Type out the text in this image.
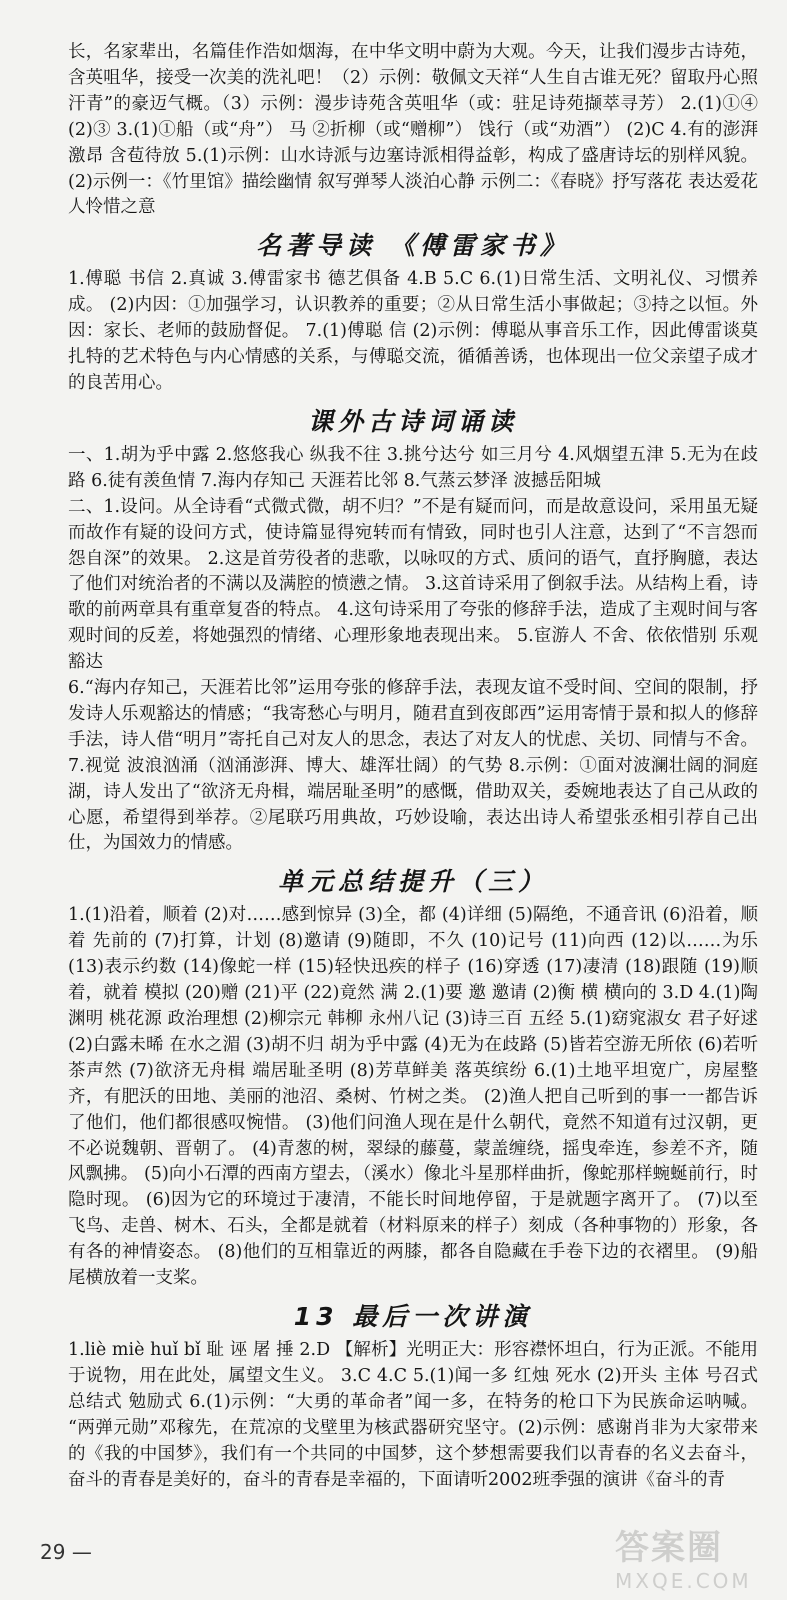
长，名家辈出，名篇佳作浩如烟海，在中华文明中蔚为大观。今天，让我们漫步古诗苑，含英咀华，接受一次美的洗礼吧！（2）示例：敬佩文天祥“人生自古谁无死？留取丹心照汗青”的豪迈气概。（3）示例：漫步诗苑含英咀华（或：驻足诗苑撷萃寻芳） 2.(1)①④ (2)③ 3.(1)①船（或“舟”） 马 ②折柳（或“赠柳”） 饯行（或“劝酒”） (2)C 4.有的澎湃激昂 含苞待放 5.(1)示例：山水诗派与边塞诗派相得益彰，构成了盛唐诗坛的别样风貌。 (2)示例一：《竹里馆》描绘幽情 叙写弹琴人淡泊心静 示例二：《春晓》抒写落花 表达爱花人怜惜之意

名著导读 《傅雷家书》

1.傅聪 书信 2.真诚 3.傅雷家书 德艺俱备 4.B 5.C 6.(1)日常生活、文明礼仪、习惯养成。 (2)内因：①加强学习，认识教养的重要；②从日常生活小事做起；③持之以恒。外因：家长、老师的鼓励督促。 7.(1)傅聪 信 (2)示例：傅聪从事音乐工作，因此傅雷谈莫扎特的艺术特色与内心情感的关系，与傅聪交流，循循善诱，也体现出一位父亲望子成才的良苦用心。

课外古诗词诵读

一、1.胡为乎中露 2.悠悠我心 纵我不往 3.挑兮达兮 如三月兮 4.风烟望五津 5.无为在歧路 6.徒有羡鱼情 7.海内存知己 天涯若比邻 8.气蒸云梦泽 波撼岳阳城

二、1.设问。从全诗看“式微式微，胡不归？”不是有疑而问，而是故意设问，采用虽无疑而故作有疑的设问方式，使诗篇显得宛转而有情致，同时也引人注意，达到了“不言怨而怨自深”的效果。 2.这是首劳役者的悲歌，以咏叹的方式、质问的语气，直抒胸臆，表达了他们对统治者的不满以及满腔的愤懑之情。 3.这首诗采用了倒叙手法。从结构上看，诗歌的前两章具有重章复沓的特点。 4.这句诗采用了夸张的修辞手法，造成了主观时间与客观时间的反差，将她强烈的情绪、心理形象地表现出来。 5.宦游人 不舍、依依惜别 乐观豁达

6.“海内存知己，天涯若比邻”运用夸张的修辞手法，表现友谊不受时间、空间的限制，抒发诗人乐观豁达的情感；“我寄愁心与明月，随君直到夜郎西”运用寄情于景和拟人的修辞手法，诗人借“明月”寄托自己对友人的思念，表达了对友人的忧虑、关切、同情与不舍。 7.视觉 波浪汹涌（汹涌澎湃、博大、雄浑壮阔）的气势 8.示例：①面对波澜壮阔的洞庭湖，诗人发出了“欲济无舟楫，端居耻圣明”的感慨，借助双关，委婉地表达了自己从政的心愿，希望得到举荐。②尾联巧用典故，巧妙设喻，表达出诗人希望张丞相引荐自己出仕，为国效力的情感。

单元总结提升（三）

1.(1)沿着，顺着 (2)对……感到惊异 (3)全，都 (4)详细 (5)隔绝，不通音讯 (6)沿着，顺着 先前的 (7)打算，计划 (8)邀请 (9)随即，不久 (10)记号 (11)向西 (12)以……为乐 (13)表示约数 (14)像蛇一样 (15)轻快迅疾的样子 (16)穿透 (17)凄清 (18)跟随 (19)顺着，就着 模拟 (20)赠 (21)平 (22)竟然 满 2.(1)要 邀 邀请 (2)衡 横 横向的 3.D 4.(1)陶渊明 桃花源 政治理想 (2)柳宗元 韩柳 永州八记 (3)诗三百 五经 5.(1)窈窕淑女 君子好逑 (2)白露未晞 在水之湄 (3)胡不归 胡为乎中露 (4)无为在歧路 (5)皆若空游无所依 (6)若听茶声然 (7)欲济无舟楫 端居耻圣明 (8)芳草鲜美 落英缤纷 6.(1)土地平坦宽广，房屋整齐，有肥沃的田地、美丽的池沼、桑树、竹树之类。 (2)渔人把自己听到的事一一都告诉了他们，他们都很感叹惋惜。 (3)他们问渔人现在是什么朝代，竟然不知道有过汉朝，更不必说魏朝、晋朝了。 (4)青葱的树，翠绿的藤蔓，蒙盖缠绕，摇曳牵连，参差不齐，随风飘拂。 (5)向小石潭的西南方望去，（溪水）像北斗星那样曲折，像蛇那样蜿蜒前行，时隐时现。 (6)因为它的环境过于凄清，不能长时间地停留，于是就题字离开了。 (7)以至飞鸟、走兽、树木、石头，全都是就着（材料原来的样子）刻成（各种事物的）形象，各有各的神情姿态。 (8)他们的互相靠近的两膝，都各自隐藏在手卷下边的衣褶里。 (9)船尾横放着一支桨。

13 最后一次讲演

1.liè miè huǐ bǐ 耻 诬 屠 捶 2.D 【解析】光明正大：形容襟怀坦白，行为正派。不能用于说物，用在此处，属望文生义。 3.C 4.C 5.(1)闻一多 红烛 死水 (2)开头 主体 号召式 总结式 勉励式 6.(1)示例：“大勇的革命者”闻一多，在特务的枪口下为民族命运呐喊。 “两弹元勋”邓稼先，在荒凉的戈壁里为核武器研究坚守。(2)示例：感谢肖非为大家带来的《我的中国梦》，我们有一个共同的中国梦，这个梦想需要我们以青春的名义去奋斗，奋斗的青春是美好的，奋斗的青春是幸福的，下面请听2002班季强的演讲《奋斗的青

29 —	答案圈
MXQE.COM
